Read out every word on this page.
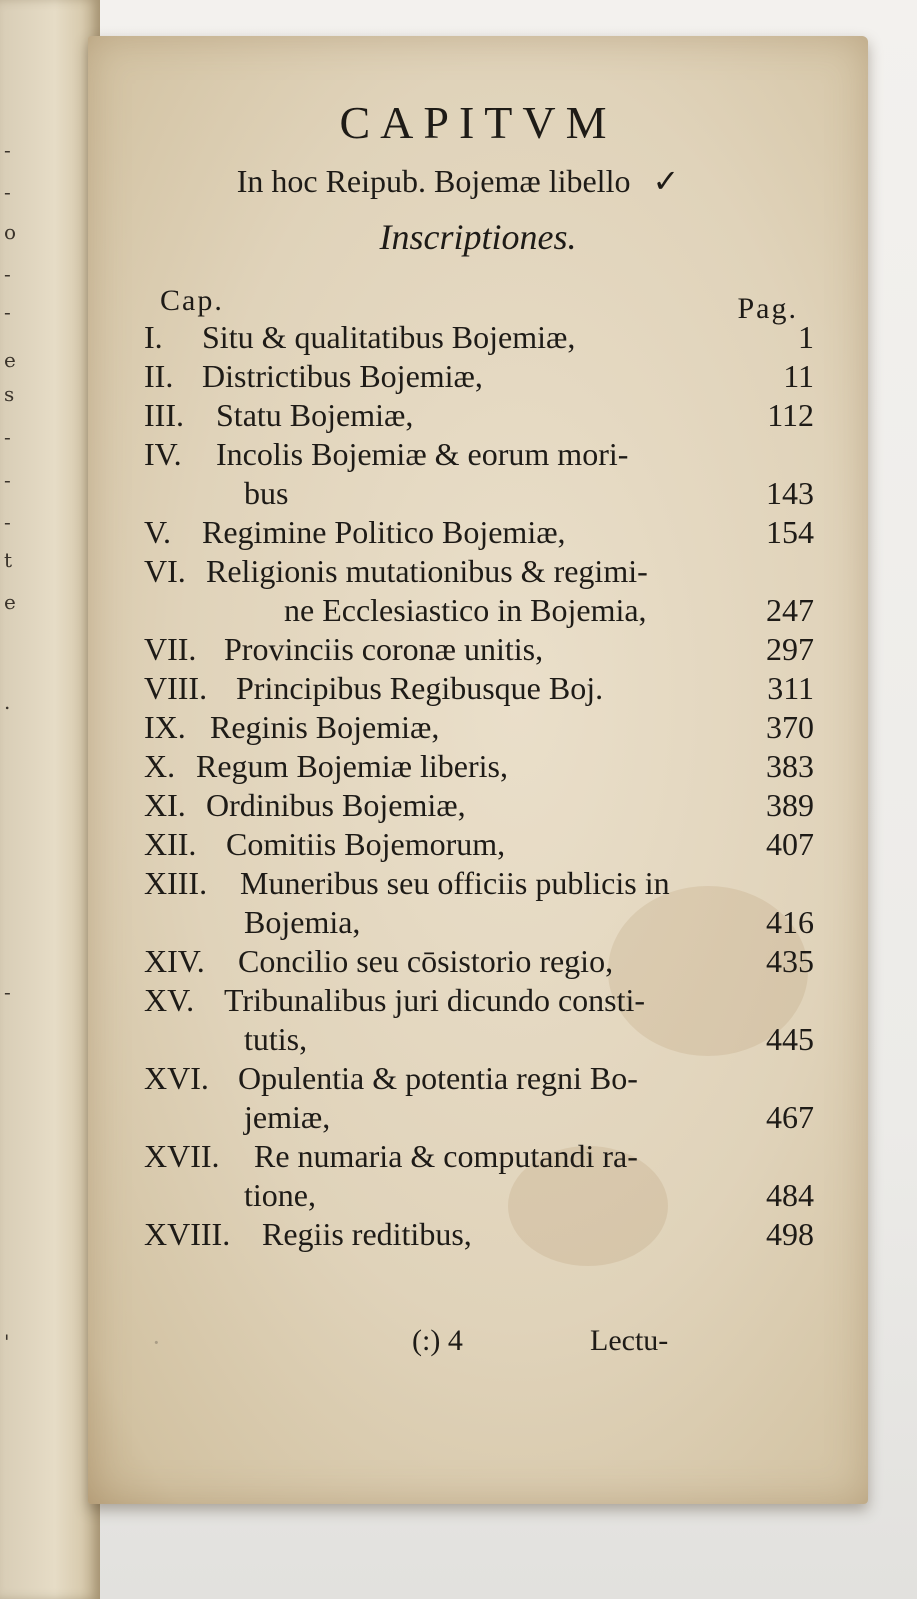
-
-
o
-
-
e
s
-
-
-
t
e
.
-
'
CAPITVM
In hoc Reipub. Bojemæ libello ✓
Inscriptiones.
Cap.	Pag.
I. Situ & qualitatibus Bojemiæ,	1
II. Districtibus Bojemiæ,	11
III. Statu Bojemiæ,	112
IV. Incolis Bojemiæ & eorum mori-
bus	143
V. Regimine Politico Bojemiæ,	154
VI. Religionis mutationibus & regimi-
ne Ecclesiastico in Bojemia,	247
VII. Provinciis coronæ unitis,	297
VIII. Principibus Regibusque Boj.	311
IX. Reginis Bojemiæ,	370
X. Regum Bojemiæ liberis,	383
XI. Ordinibus Bojemiæ,	389
XII. Comitiis Bojemorum,	407
XIII. Muneribus seu officiis publicis in
Bojemia,	416
XIV. Concilio seu cōsistorio regio,	435
XV. Tribunalibus juri dicundo consti-
tutis,	445
XVI. Opulentia & potentia regni Bo-
jemiæ,	467
XVII. Re numaria & computandi ra-
tione,	484
XVIII. Regiis reditibus,	498
·	(:) 4	Lectu-
